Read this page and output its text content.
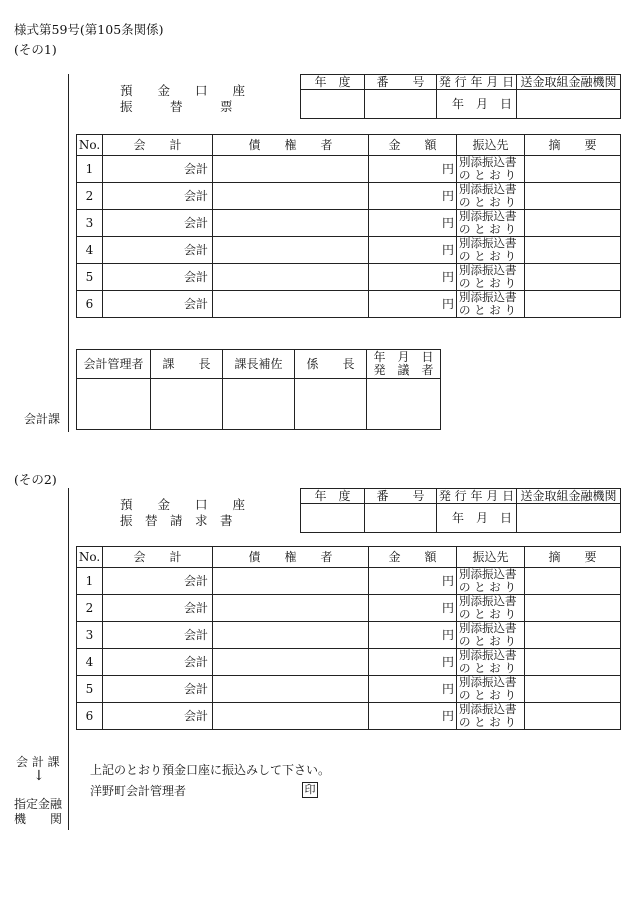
様式第59号(第105条関係)
(その1)
預　　金　　口　　座
振　　　替　　　票
年　度	番　　号	発 行 年 月 日	送金取組金融機関
		年　月　日	
No.	会　　計	債　　権　　者	金　　額	振込先	摘　　要
1	会計		円	別添振込書
の と お り	

2	会計		円	別添振込書
の と お り	

3	会計		円	別添振込書
の と お り	

4	会計		円	別添振込書
の と お り	

5	会計		円	別添振込書
の と お り	

6	会計		円	別添振込書
の と お り	

会計管理者	課　　長	課長補佐	係　　長	年　月　日
発　議　者

会計課
(その2)
預　　金　　口　　座
振　替　請　求　書
年　度	番　　号	発 行 年 月 日	送金取組金融機関
		年　月　日	
No.	会　　計	債　　権　　者	金　　額	振込先	摘　　要
1	会計		円	別添振込書
の と お り	

2	会計		円	別添振込書
の と お り	

3	会計		円	別添振込書
の と お り	

4	会計		円	別添振込書
の と お り	

5	会計		円	別添振込書
の と お り	

6	会計		円	別添振込書
の と お り	

会 計 課
↓
指定金融
機　　関
上記のとおり預金口座に振込みして下さい。
洋野町会計管理者	印
